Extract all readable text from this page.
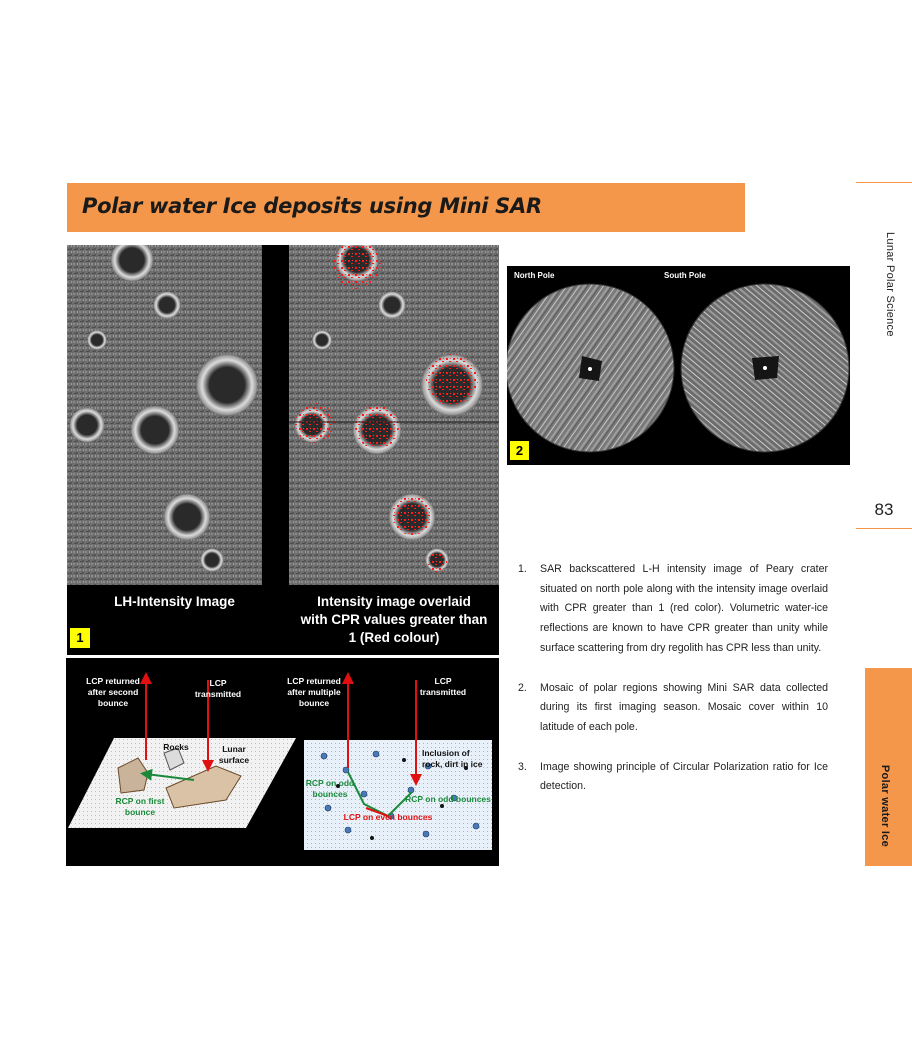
Lunar Polar Science
83
Polar water Ice
Polar water Ice deposits using Mini SAR
LH-Intensity Image	Intensity image overlaid
with CPR values greater than
1 (Red colour)
1
North Pole	South Pole
2
LCP returned
after second
bounce
LCP
transmitted
Rocks	Lunar
surface
RCP on first
bounce
LCP returned
after multiple
bounce
LCP
transmitted
Inclusion of
rock, dirt in ice
RCP on odd
bounces	RCP on odd bounces
LCP on even bounces
1. SAR backscattered L-H intensity image of Peary crater situated on north pole along with the intensity image overlaid with CPR greater than 1 (red color). Volumetric water-ice reflections are known to have CPR greater than unity while surface scattering from dry regolith has CPR less than unity.
2. Mosaic of polar regions showing Mini SAR data collected during its first imaging season. Mosaic cover within 10 latitude of each pole.
3. Image showing principle of Circular Polarization ratio for Ice detection.
